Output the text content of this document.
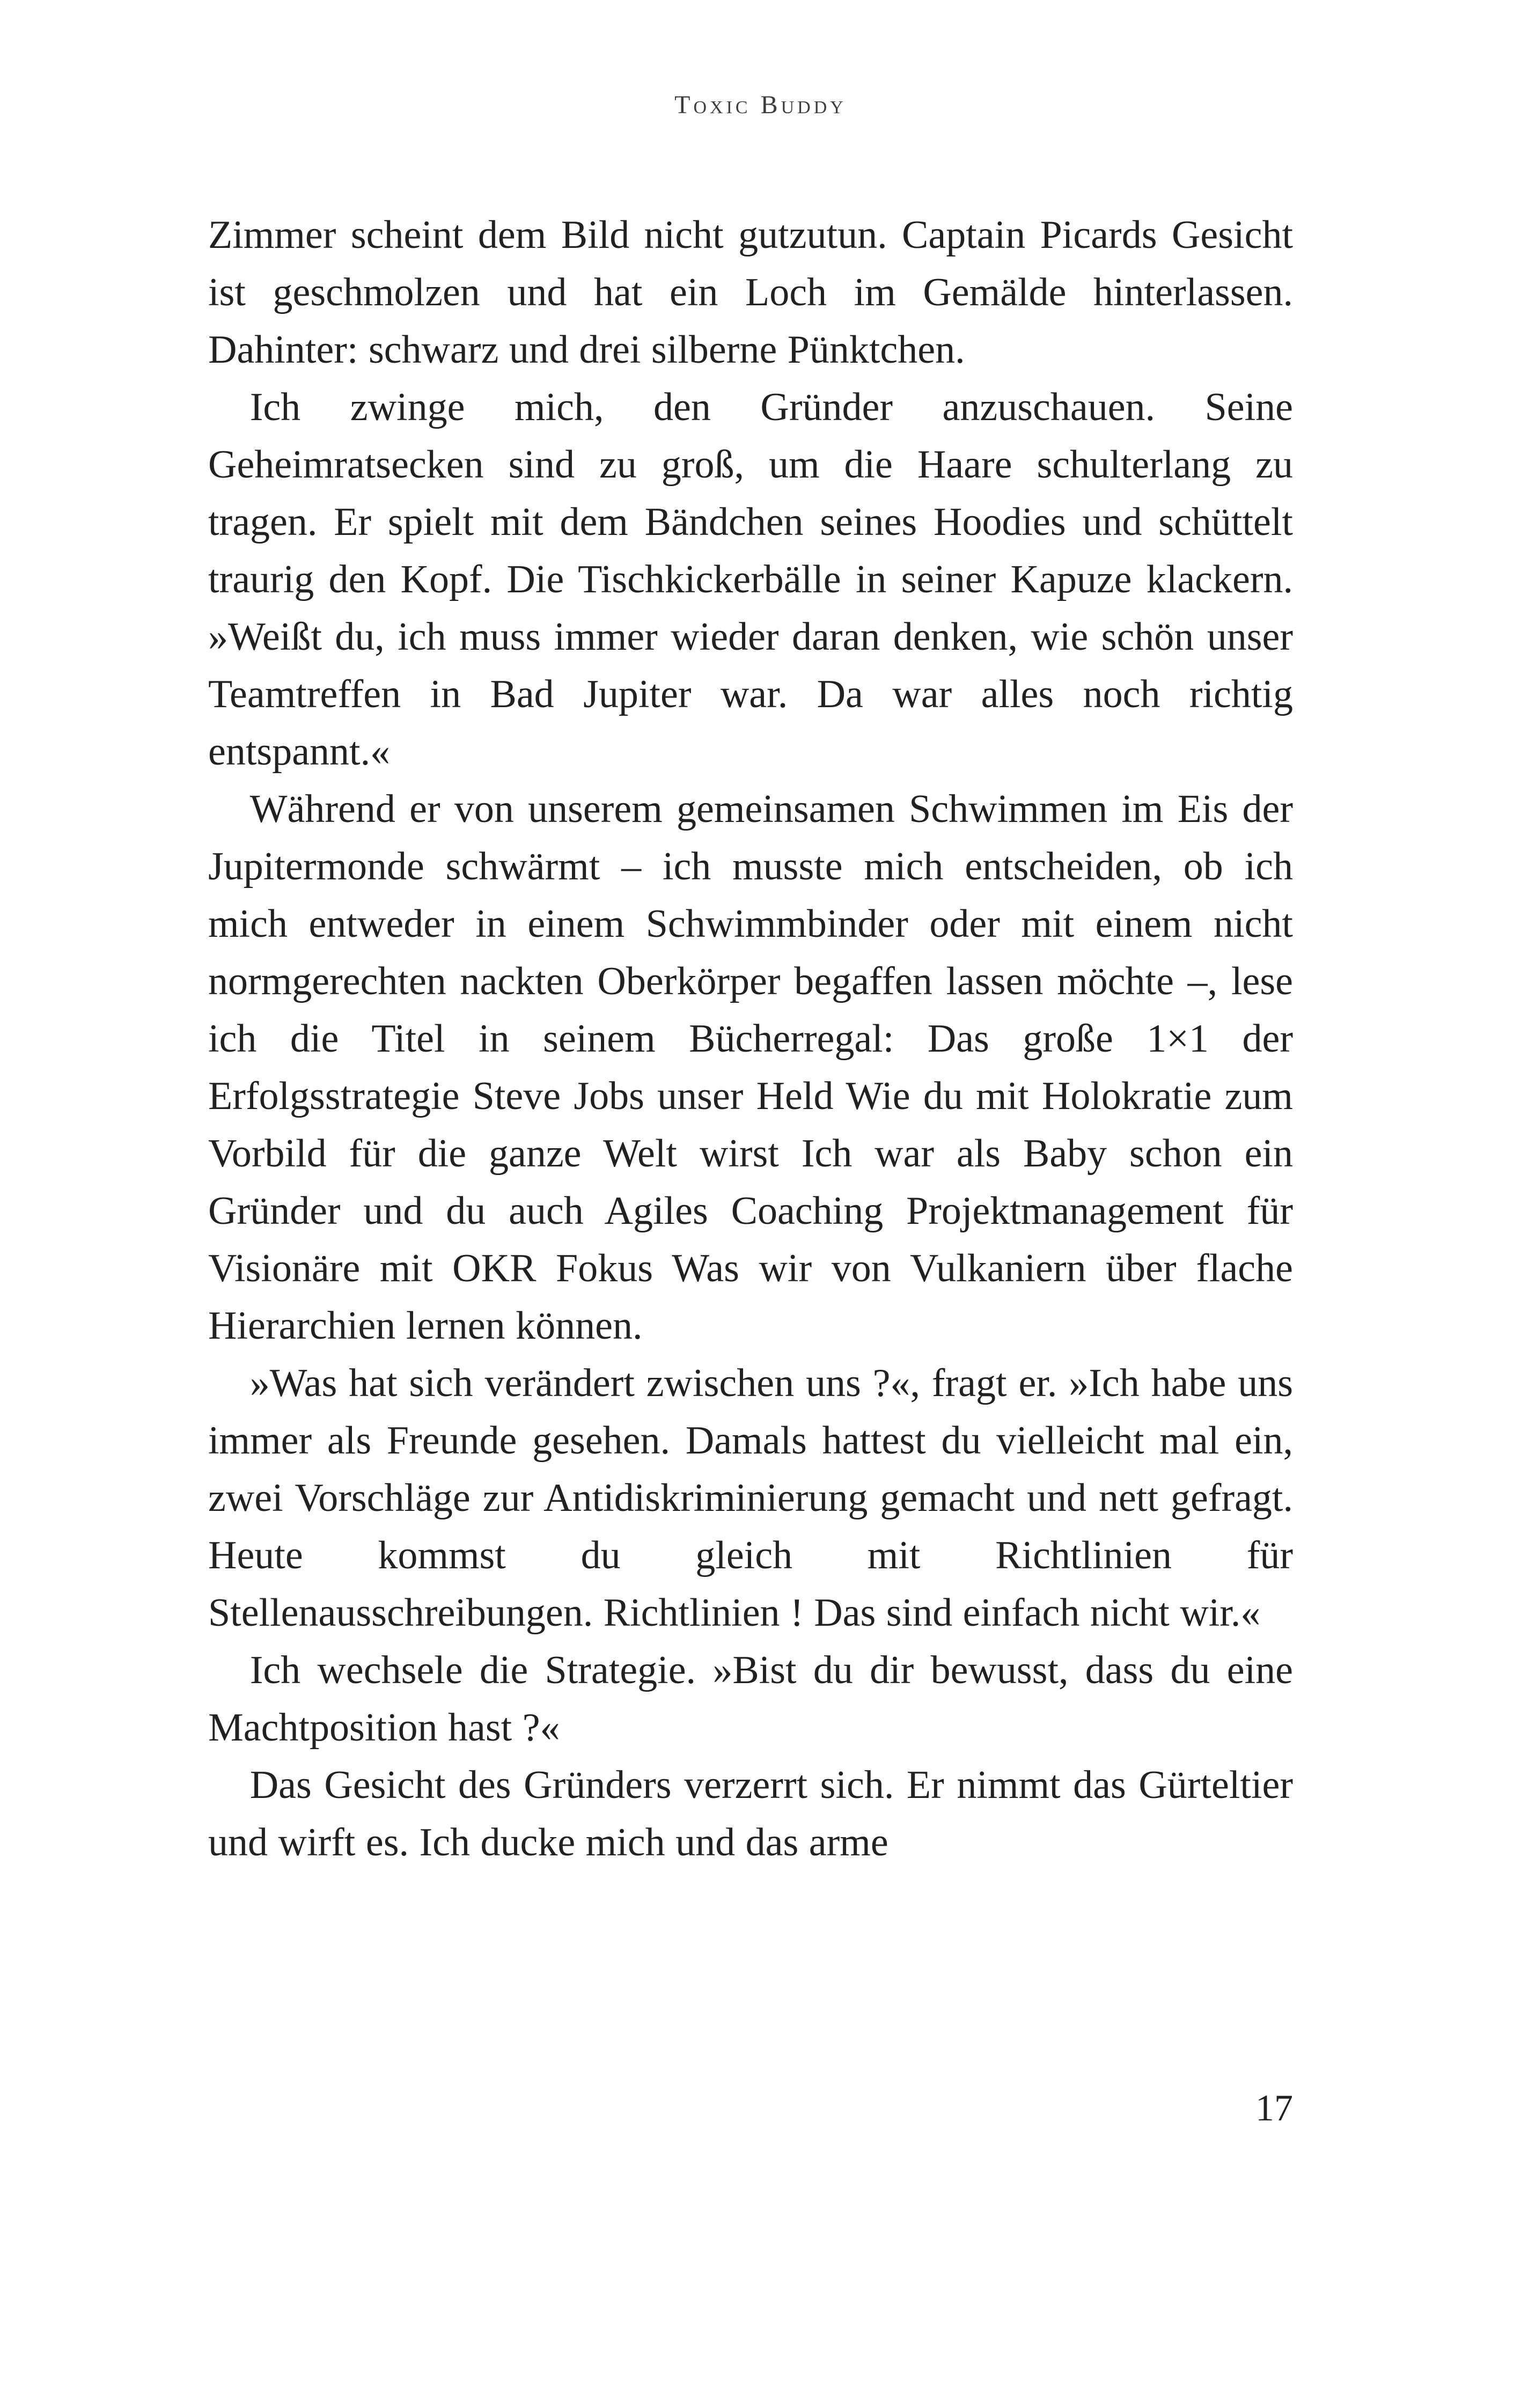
Toxic Buddy

Zimmer scheint dem Bild nicht gutzutun. Captain Picards Gesicht ist geschmolzen und hat ein Loch im Gemälde hinterlassen. Dahinter: schwarz und drei silberne Pünktchen.

Ich zwinge mich, den Gründer anzuschauen. Seine Geheimratsecken sind zu groß, um die Haare schulterlang zu tragen. Er spielt mit dem Bändchen seines Hoodies und schüttelt traurig den Kopf. Die Tischkickerbälle in seiner Kapuze klackern. »Weißt du, ich muss immer wieder daran denken, wie schön unser Teamtreffen in Bad Jupiter war. Da war alles noch richtig entspannt.«

Während er von unserem gemeinsamen Schwimmen im Eis der Jupitermonde schwärmt – ich musste mich entscheiden, ob ich mich entweder in einem Schwimmbinder oder mit einem nicht normgerechten nackten Oberkörper begaffen lassen möchte –, lese ich die Titel in seinem Bücherregal: Das große 1×1 der Erfolgsstrategie Steve Jobs unser Held Wie du mit Holokratie zum Vorbild für die ganze Welt wirst Ich war als Baby schon ein Gründer und du auch Agiles Coaching Projektmanagement für Visionäre mit OKR Fokus Was wir von Vulkaniern über flache Hierarchien lernen können.

»Was hat sich verändert zwischen uns ?«, fragt er. »Ich habe uns immer als Freunde gesehen. Damals hattest du vielleicht mal ein, zwei Vorschläge zur Antidiskriminierung gemacht und nett gefragt. Heute kommst du gleich mit Richtlinien für Stellenausschreibungen. Richtlinien ! Das sind einfach nicht wir.«

Ich wechsele die Strategie. »Bist du dir bewusst, dass du eine Machtposition hast ?«

Das Gesicht des Gründers verzerrt sich. Er nimmt das Gürteltier und wirft es. Ich ducke mich und das arme

17
